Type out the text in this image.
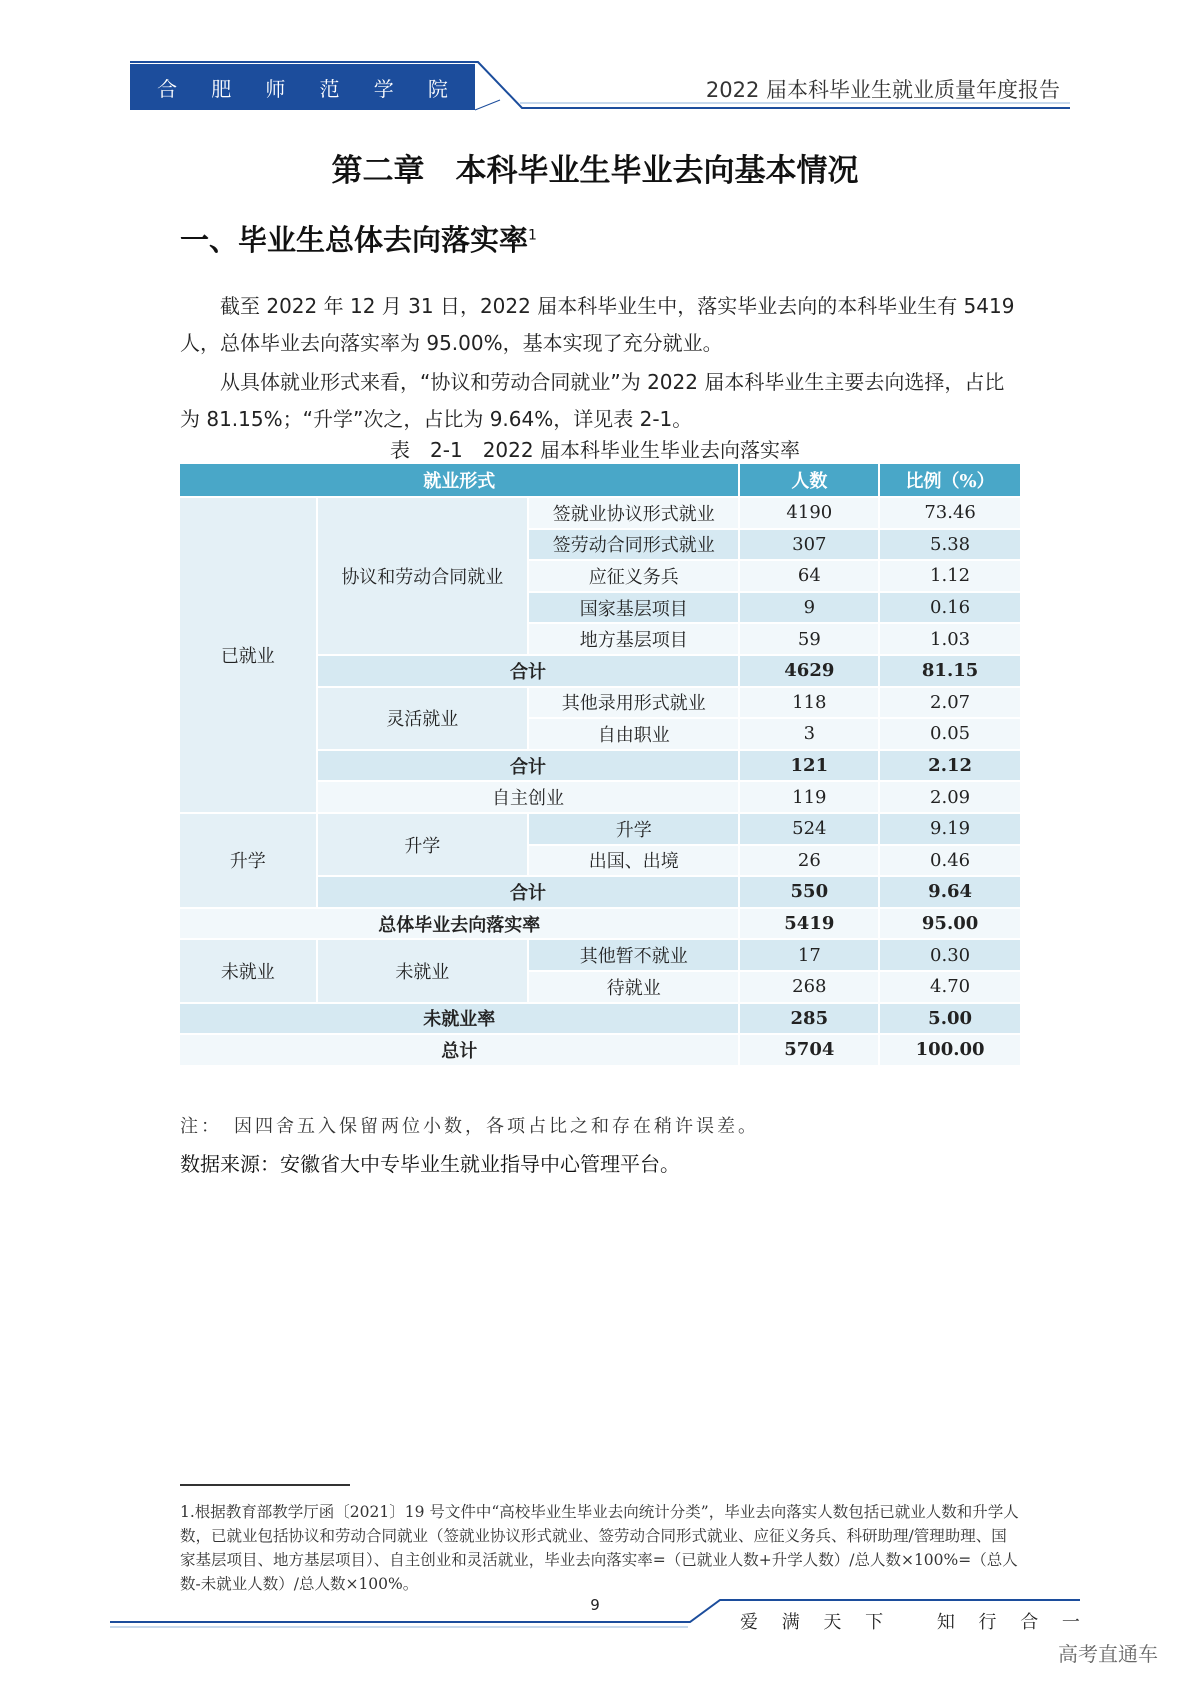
合 肥 师 范 学 院	2022 届本科毕业生就业质量年度报告
第二章　本科毕业生毕业去向基本情况
一、毕业生总体去向落实率$^1$
截至 2022 年 12 月 31 日，2022 届本科毕业生中，落实毕业去向的本科毕业生有 5419 人，总体毕业去向落实率为 95.00%，基本实现了充分就业。
从具体就业形式来看，“协议和劳动合同就业”为 2022 届本科毕业生主要去向选择，占比为 81.15%；“升学”次之，占比为 9.64%，详见表 2-1。
表　2-1　2022 届本科毕业生毕业去向落实率
就业形式			人数	比例（%）
已就业	协议和劳动合同就业	签就业协议形式就业	4190	73.46
		签劳动合同形式就业	307	5.38
		应征义务兵	64	1.12
		国家基层项目	9	0.16
		地方基层项目	59	1.03
	合计		4629	81.15
	灵活就业	其他录用形式就业	118	2.07
		自由职业	3	0.05
	合计		121	2.12
	自主创业		119	2.09
升学	升学	升学	524	9.19
		出国、出境	26	0.46
	合计		550	9.64
总体毕业去向落实率			5419	95.00
未就业	未就业	其他暂不就业	17	0.30
		待就业	268	4.70
未就业率			285	5.00
总计			5704	100.00
注：　因四舍五入保留两位小数，各项占比之和存在稍许误差。
数据来源：安徽省大中专毕业生就业指导中心管理平台。
1.根据教育部教学厅函〔2021〕19 号文件中“高校毕业生毕业去向统计分类”，毕业去向落实人数包括已就业人数和升学人数，已就业包括协议和劳动合同就业（签就业协议形式就业、签劳动合同形式就业、应征义务兵、科研助理/管理助理、国家基层项目、地方基层项目）、自主创业和灵活就业，毕业去向落实率=（已就业人数+升学人数）/总人数×100%=（总人数-未就业人数）/总人数×100%。
9
爱 满 天 下	知 行 合 一
高考直通车
